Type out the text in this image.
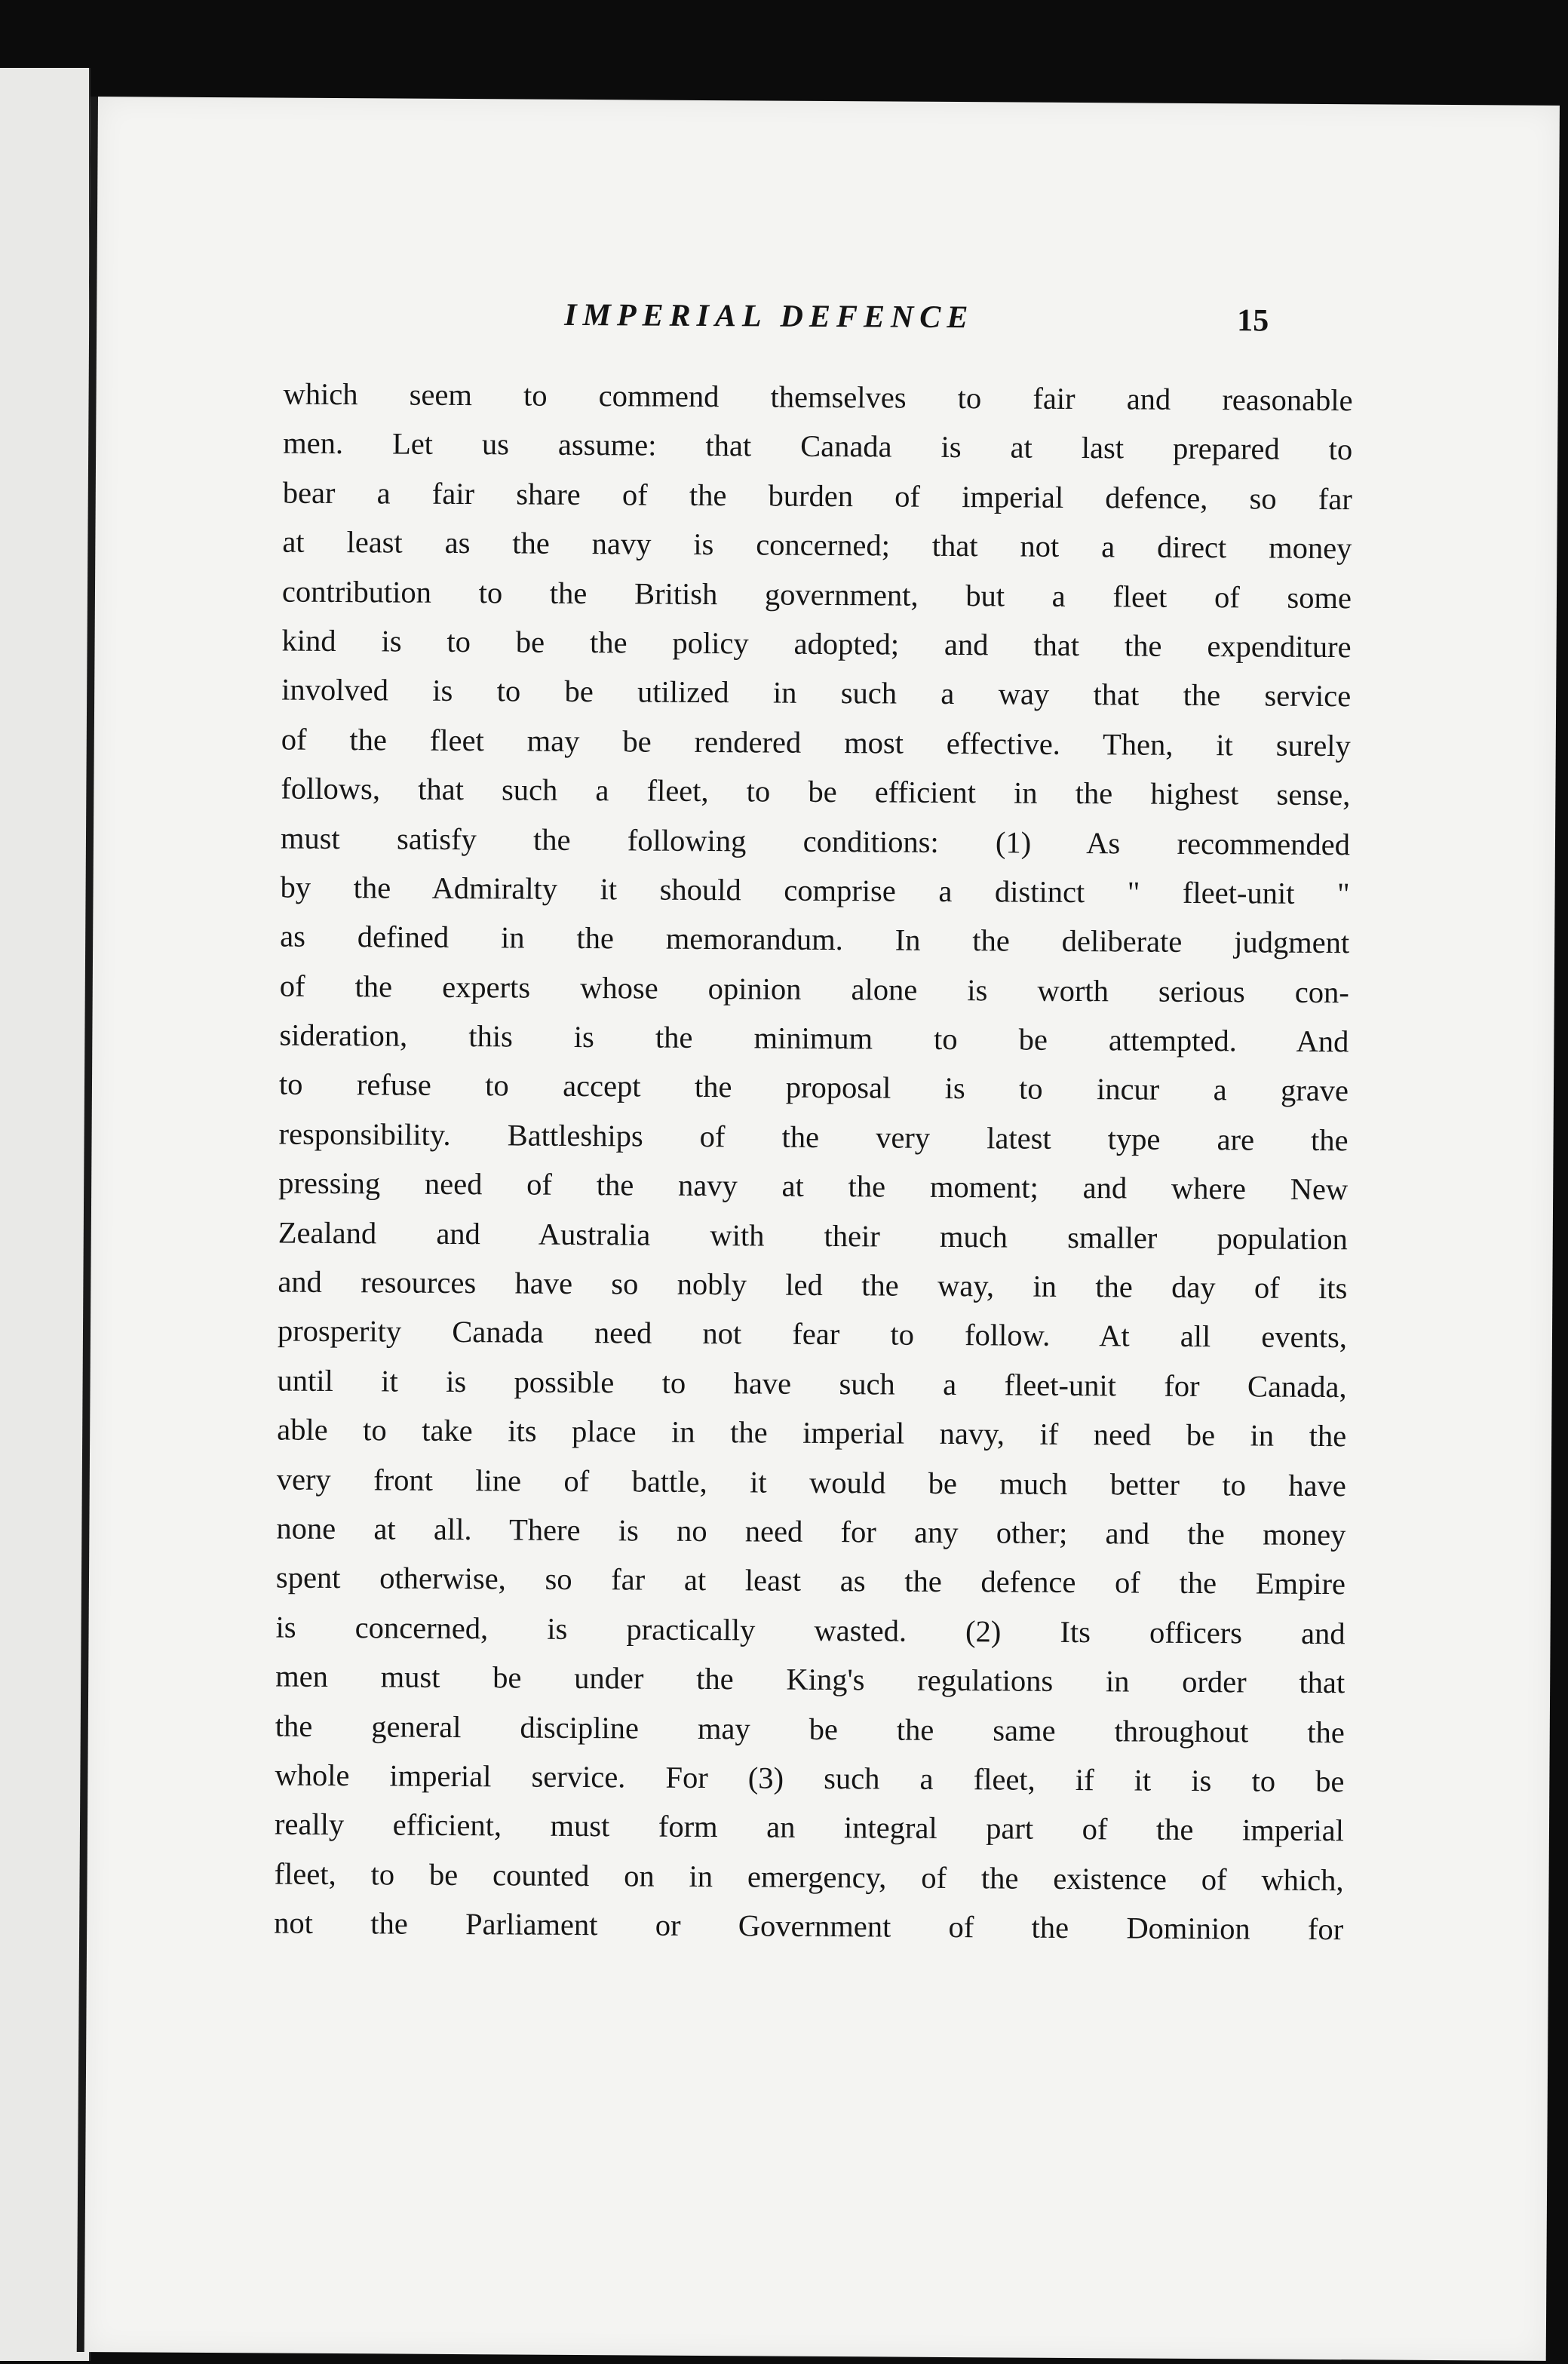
IMPERIAL DEFENCE	15
which seem to commend themselves to fair and reasonable
men. Let us assume: that Canada is at last prepared to
bear a fair share of the burden of imperial defence, so far
at least as the navy is concerned; that not a direct money
contribution to the British government, but a fleet of some
kind is to be the policy adopted; and that the expenditure
involved is to be utilized in such a way that the service
of the fleet may be rendered most effective. Then, it surely
follows, that such a fleet, to be efficient in the highest sense,
must satisfy the following conditions: (1) As recommended
by the Admiralty it should comprise a distinct " fleet-unit "
as defined in the memorandum. In the deliberate judgment
of the experts whose opinion alone is worth serious con-
sideration, this is the minimum to be attempted. And
to refuse to accept the proposal is to incur a grave
responsibility. Battleships of the very latest type are the
pressing need of the navy at the moment; and where New
Zealand and Australia with their much smaller population
and resources have so nobly led the way, in the day of its
prosperity Canada need not fear to follow. At all events,
until it is possible to have such a fleet-unit for Canada,
able to take its place in the imperial navy, if need be in the
very front line of battle, it would be much better to have
none at all. There is no need for any other; and the money
spent otherwise, so far at least as the defence of the Empire
is concerned, is practically wasted. (2) Its officers and
men must be under the King's regulations in order that
the general discipline may be the same throughout the
whole imperial service. For (3) such a fleet, if it is to be
really efficient, must form an integral part of the imperial
fleet, to be counted on in emergency, of the existence of which,
not the Parliament or Government of the Dominion for
